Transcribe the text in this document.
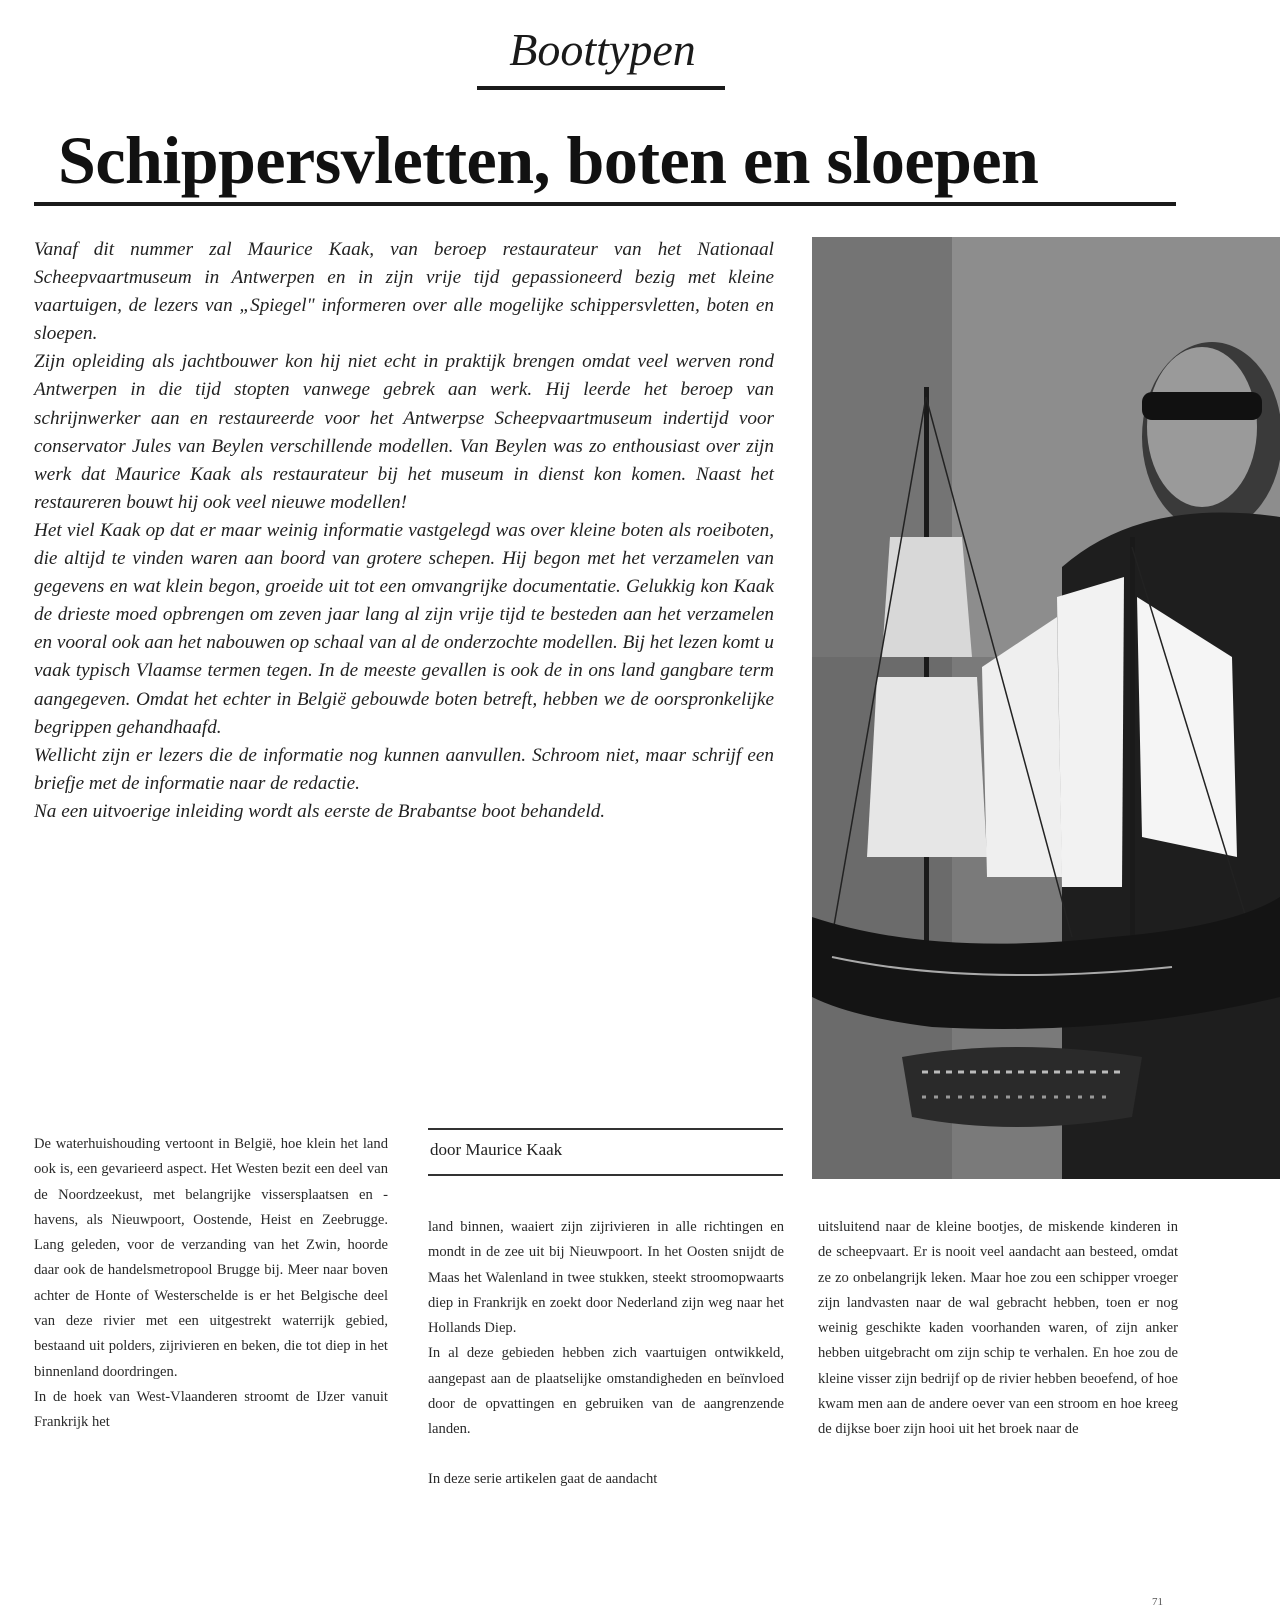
Boottypen
Schippersvletten, boten en sloepen

Vanaf dit nummer zal Maurice Kaak, van beroep restaurateur van het Nationaal Scheepvaartmuseum in Antwerpen en in zijn vrije tijd gepassioneerd bezig met kleine vaartuigen, de lezers van „Spiegel" informeren over alle mogelijke schippersvletten, boten en sloepen.

Zijn opleiding als jachtbouwer kon hij niet echt in praktijk brengen omdat veel werven rond Antwerpen in die tijd stopten vanwege gebrek aan werk. Hij leerde het beroep van schrijnwerker aan en restaureerde voor het Antwerpse Scheepvaartmuseum indertijd voor conservator Jules van Beylen verschillende modellen. Van Beylen was zo enthousiast over zijn werk dat Maurice Kaak als restaurateur bij het museum in dienst kon komen. Naast het restaureren bouwt hij ook veel nieuwe modellen!

Het viel Kaak op dat er maar weinig informatie vastgelegd was over kleine boten als roeiboten, die altijd te vinden waren aan boord van grotere schepen. Hij begon met het verzamelen van gegevens en wat klein begon, groeide uit tot een omvangrijke documentatie. Gelukkig kon Kaak de drieste moed opbrengen om zeven jaar lang al zijn vrije tijd te besteden aan het verzamelen en vooral ook aan het nabouwen op schaal van al de onderzochte modellen. Bij het lezen komt u vaak typisch Vlaamse termen tegen. In de meeste gevallen is ook de in ons land gangbare term aangegeven. Omdat het echter in België gebouwde boten betreft, hebben we de oorspronkelijke begrippen gehandhaafd.

Wellicht zijn er lezers die de informatie nog kunnen aanvullen. Schroom niet, maar schrijf een briefje met de informatie naar de redactie.

Na een uitvoerige inleiding wordt als eerste de Brabantse boot behandeld.

door Maurice Kaak

De waterhuishouding vertoont in België, hoe klein het land ook is, een gevarieerd aspect. Het Westen bezit een deel van de Noordzeekust, met belangrijke vissersplaatsen en -havens, als Nieuwpoort, Oostende, Heist en Zeebrugge. Lang geleden, voor de verzanding van het Zwin, hoorde daar ook de handelsmetropool Brugge bij. Meer naar boven achter de Honte of Westerschelde is er het Belgische deel van deze rivier met een uitgestrekt waterrijk gebied, bestaand uit polders, zijrivieren en beken, die tot diep in het binnenland doordringen.

In de hoek van West-Vlaanderen stroomt de IJzer vanuit Frankrijk het

land binnen, waaiert zijn zijrivieren in alle richtingen en mondt in de zee uit bij Nieuwpoort. In het Oosten snijdt de Maas het Walenland in twee stukken, steekt stroomopwaarts diep in Frankrijk en zoekt door Nederland zijn weg naar het Hollands Diep.

In al deze gebieden hebben zich vaartuigen ontwikkeld, aangepast aan de plaatselijke omstandigheden en beïnvloed door de opvattingen en gebruiken van de aangrenzende landen.

In deze serie artikelen gaat de aandacht

uitsluitend naar de kleine bootjes, de miskende kinderen in de scheepvaart. Er is nooit veel aandacht aan besteed, omdat ze zo onbelangrijk leken. Maar hoe zou een schipper vroeger zijn landvasten naar de wal gebracht hebben, toen er nog weinig geschikte kaden voorhanden waren, of zijn anker hebben uitgebracht om zijn schip te verhalen. En hoe zou de kleine visser zijn bedrijf op de rivier hebben beoefend, of hoe kwam men aan de andere oever van een stroom en hoe kreeg de dijkse boer zijn hooi uit het broek naar de

71
